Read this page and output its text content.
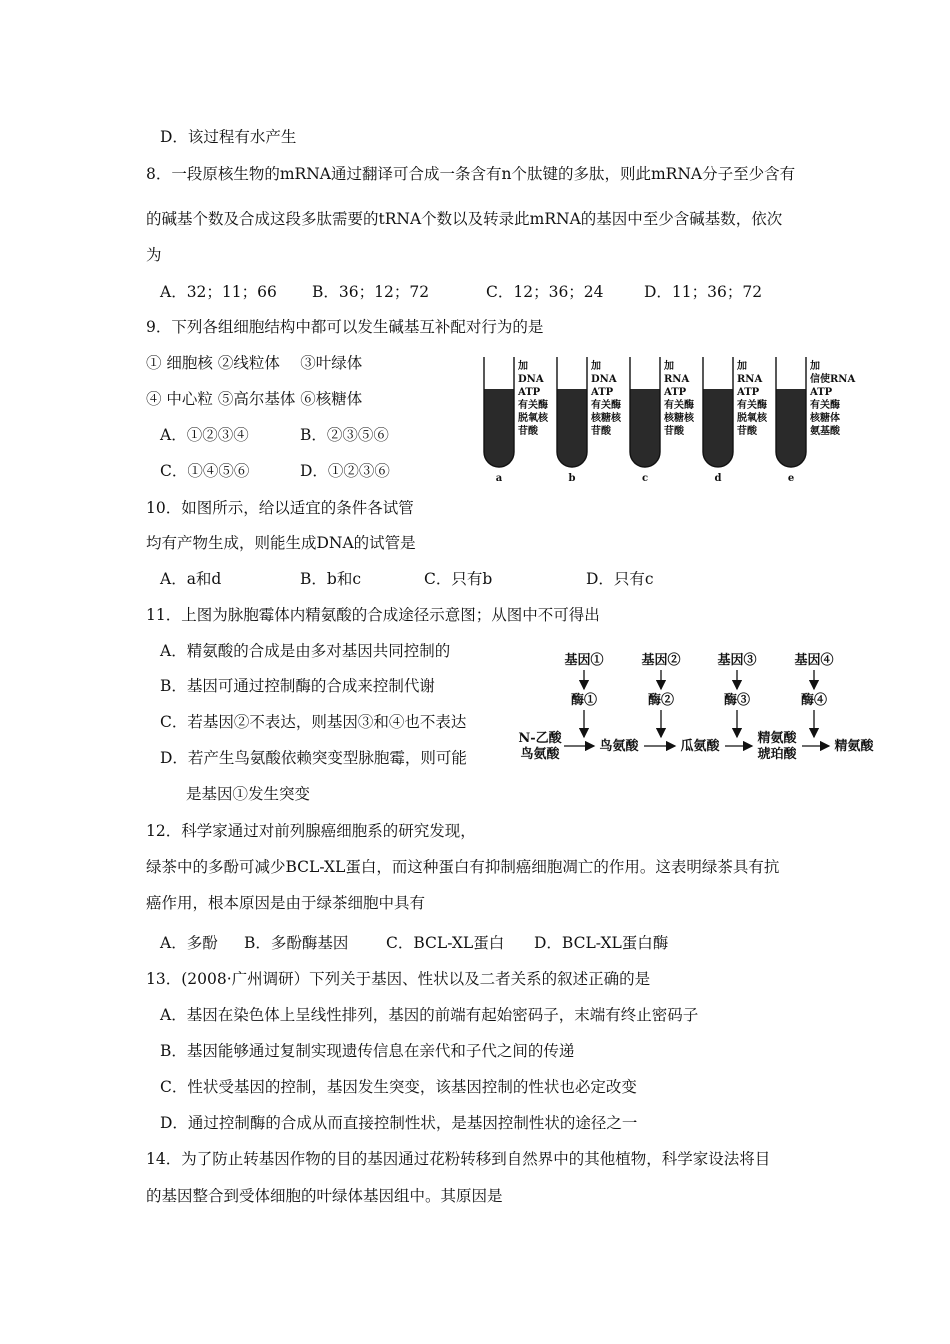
D．该过程有水产生
8．一段原核生物的mRNA通过翻译可合成一条含有n个肽键的多肽，则此mRNA分子至少含有
的碱基个数及合成这段多肽需要的tRNA个数以及转录此mRNA的基因中至少含碱基数，依次
为
A．32；11；66 B．36；12；72	C．12；36；24	D．11；36；72
9．下列各组细胞结构中都可以发生碱基互补配对行为的是
① 细胞核 ②线粒体　 ③叶绿体
④ 中心粒 ⑤高尔基体 ⑥核糖体
A．①②③④	B．②③⑤⑥
C．①④⑤⑥	D．①②③⑥
加
DNA
ATP
有关酶
脱氧核
苷酸
a
加
DNA
ATP
有关酶
核糖核
苷酸
b
加
RNA
ATP
有关酶
核糖核
苷酸
c
加
RNA
ATP
有关酶
脱氧核
苷酸
d
加
信使RNA
ATP
有关酶
核糖体
氨基酸
e
10．如图所示，给以适宜的条件各试管
均有产物生成，则能生成DNA的试管是
A．a和d	B．b和c	C．只有b	D．只有c
11．上图为脉胞霉体内精氨酸的合成途径示意图；从图中不可得出
A．精氨酸的合成是由多对基因共同控制的
B．基因可通过控制酶的合成来控制代谢
C．若基因②不表达，则基因③和④也不表达
D．若产生鸟氨酸依赖突变型脉胞霉，则可能
是基因①发生突变
基因①	基因②	基因③	基因④
酶①	酶②	酶③	酶④
N-乙酸
鸟氨酸
鸟氨酸	瓜氨酸
精氨酸
琥珀酸
精氨酸
12．科学家通过对前列腺癌细胞系的研究发现，
绿茶中的多酚可减少BCL-XL蛋白，而这种蛋白有抑制癌细胞凋亡的作用。这表明绿茶具有抗
癌作用，根本原因是由于绿茶细胞中具有
A．多酚 B．多酚酶基因 C．BCL-XL蛋白 D．BCL-XL蛋白酶
13．(2008·广州调研）下列关于基因、性状以及二者关系的叙述正确的是
A．基因在染色体上呈线性排列，基因的前端有起始密码子，末端有终止密码子
B．基因能够通过复制实现遗传信息在亲代和子代之间的传递
C．性状受基因的控制，基因发生突变，该基因控制的性状也必定改变
D．通过控制酶的合成从而直接控制性状，是基因控制性状的途径之一
14．为了防止转基因作物的目的基因通过花粉转移到自然界中的其他植物，科学家设法将目
的基因整合到受体细胞的叶绿体基因组中。其原因是
